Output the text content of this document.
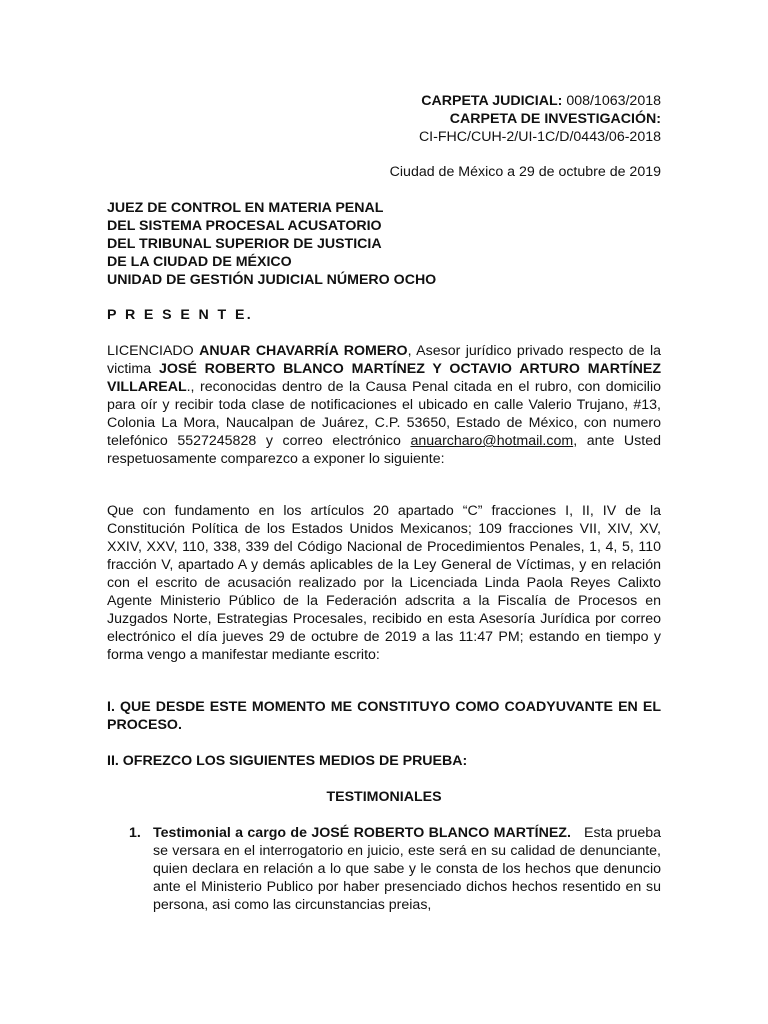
CARPETA JUDICIAL: 008/1063/2018
CARPETA DE INVESTIGACIÓN:
CI-FHC/CUH-2/UI-1C/D/0443/06-2018
Ciudad de México a 29 de octubre de 2019
JUEZ DE CONTROL EN MATERIA PENAL
DEL SISTEMA PROCESAL ACUSATORIO
DEL TRIBUNAL SUPERIOR DE JUSTICIA
DE LA CIUDAD DE MÉXICO
UNIDAD DE GESTIÓN JUDICIAL NÚMERO OCHO
P R E S E N T E.
LICENCIADO ANUAR CHAVARRÍA ROMERO, Asesor jurídico privado respecto de la victima JOSÉ ROBERTO BLANCO MARTÍNEZ Y OCTAVIO ARTURO MARTÍNEZ VILLAREAL., reconocidas dentro de la Causa Penal citada en el rubro, con domicilio para oír y recibir toda clase de notificaciones el ubicado en calle Valerio Trujano, #13, Colonia La Mora, Naucalpan de Juárez, C.P. 53650, Estado de México, con numero telefónico 5527245828 y correo electrónico anuarcharo@hotmail.com, ante Usted respetuosamente comparezco a exponer lo siguiente:
Que con fundamento en los artículos 20 apartado “C” fracciones I, II, IV de la Constitución Política de los Estados Unidos Mexicanos; 109 fracciones VII, XIV, XV, XXIV, XXV, 110, 338, 339 del Código Nacional de Procedimientos Penales, 1, 4, 5, 110 fracción V, apartado A y demás aplicables de la Ley General de Víctimas, y en relación con el escrito de acusación realizado por la Licenciada Linda Paola Reyes Calixto Agente Ministerio Público de la Federación adscrita a la Fiscalía de Procesos en Juzgados Norte, Estrategias Procesales, recibido en esta Asesoría Jurídica por correo electrónico el día jueves 29 de octubre de 2019 a las 11:47 PM; estando en tiempo y forma vengo a manifestar mediante escrito:
I. QUE DESDE ESTE MOMENTO ME CONSTITUYO COMO COADYUVANTE EN EL PROCESO.
II. OFREZCO LOS SIGUIENTES MEDIOS DE PRUEBA:
TESTIMONIALES
1. Testimonial a cargo de JOSÉ ROBERTO BLANCO MARTÍNEZ. Esta prueba se versara en el interrogatorio en juicio, este será en su calidad de denunciante, quien declara en relación a lo que sabe y le consta de los hechos que denuncio ante el Ministerio Publico por haber presenciado dichos hechos resentido en su persona, asi como las circunstancias preias,
